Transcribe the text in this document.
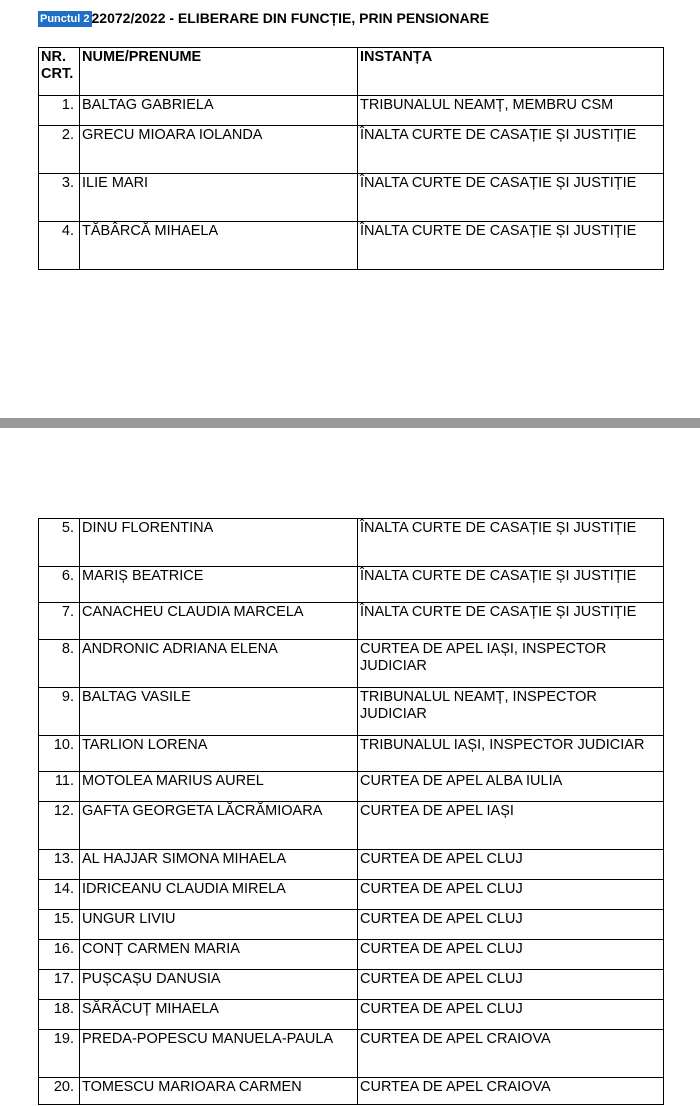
Punctul 2 22072/2022 - ELIBERARE DIN FUNCȚIE, PRIN PENSIONARE
NR. CRT.	NUME/PRENUME	INSTANȚA
1.	BALTAG GABRIELA	TRIBUNALUL NEAMȚ, MEMBRU CSM
2.	GRECU MIOARA IOLANDA	ÎNALTA CURTE DE CASAȚIE ȘI JUSTIȚIE
3.	ILIE MARI	ÎNALTA CURTE DE CASAȚIE ȘI JUSTIȚIE
4.	TĂBÂRCĂ MIHAELA	ÎNALTA CURTE DE CASAȚIE ȘI JUSTIȚIE
5.	DINU FLORENTINA	ÎNALTA CURTE DE CASAȚIE ȘI JUSTIȚIE
6.	MARIȘ BEATRICE	ÎNALTA CURTE DE CASAȚIE ȘI JUSTIȚIE
7.	CANACHEU CLAUDIA MARCELA	ÎNALTA CURTE DE CASAȚIE ȘI JUSTIȚIE
8.	ANDRONIC ADRIANA ELENA	CURTEA DE APEL IAȘI, INSPECTOR JUDICIAR
9.	BALTAG VASILE	TRIBUNALUL NEAMȚ, INSPECTOR JUDICIAR
10.	TARLION LORENA	TRIBUNALUL IAȘI, INSPECTOR JUDICIAR
11.	MOTOLEA MARIUS AUREL	CURTEA DE APEL ALBA IULIA
12.	GAFTA GEORGETA LĂCRĂMIOARA	CURTEA DE APEL IAȘI
13.	AL HAJJAR SIMONA MIHAELA	CURTEA DE APEL CLUJ
14.	IDRICEANU CLAUDIA MIRELA	CURTEA DE APEL CLUJ
15.	UNGUR LIVIU	CURTEA DE APEL CLUJ
16.	CONȚ CARMEN MARIA	CURTEA DE APEL CLUJ
17.	PUȘCAȘU DANUSIA	CURTEA DE APEL CLUJ
18.	SĂRĂCUȚ MIHAELA	CURTEA DE APEL CLUJ
19.	PREDA-POPESCU MANUELA-PAULA	CURTEA DE APEL CRAIOVA
20.	TOMESCU MARIOARA CARMEN	CURTEA DE APEL CRAIOVA
